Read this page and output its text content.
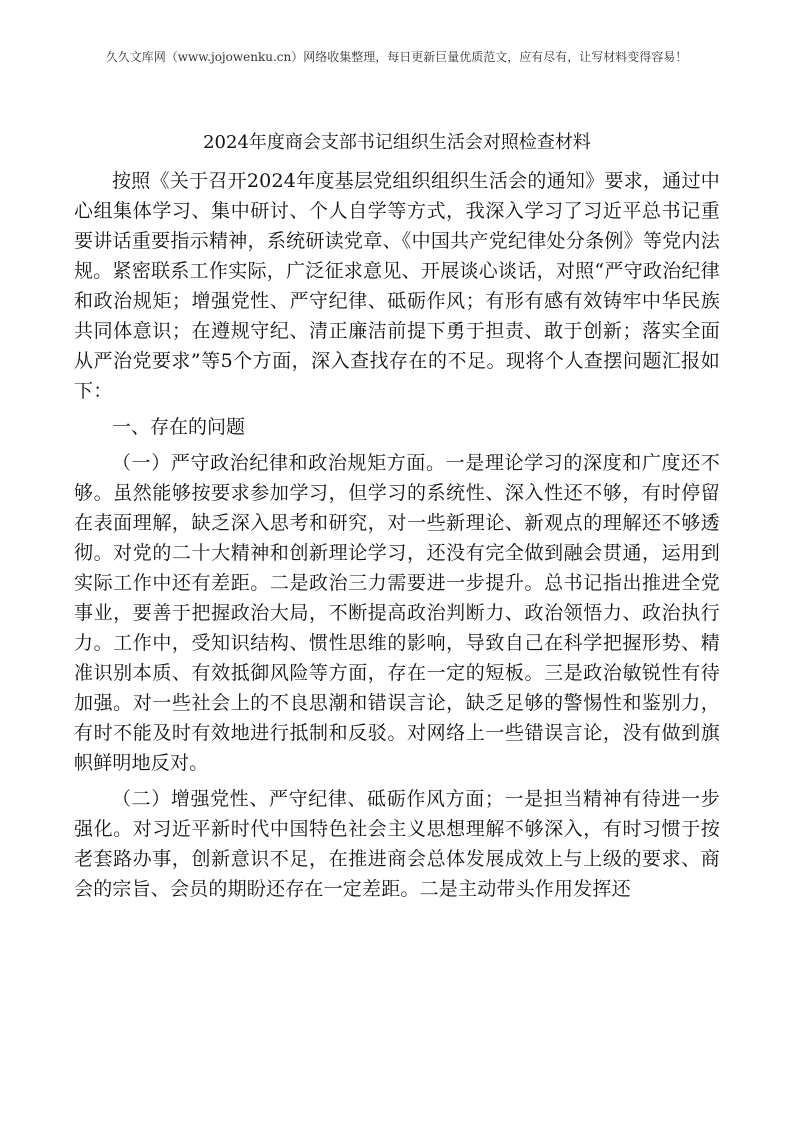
久久文库网（www.jojowenku.cn）网络收集整理，每日更新巨量优质范文，应有尽有，让写材料变得容易！
2024年度商会支部书记组织生活会对照检查材料

按照《关于召开2024年度基层党组织组织生活会的通知》要求，通过中心组集体学习、集中研讨、个人自学等方式，我深入学习了习近平总书记重要讲话重要指示精神，系统研读党章、《中国共产党纪律处分条例》等党内法规。紧密联系工作实际，广泛征求意见、开展谈心谈话，对照“严守政治纪律和政治规矩；增强党性、严守纪律、砥砺作风；有形有感有效铸牢中华民族共同体意识；在遵规守纪、清正廉洁前提下勇于担责、敢于创新；落实全面从严治党要求”等5个方面，深入查找存在的不足。现将个人查摆问题汇报如下：

一、存在的问题

（一）严守政治纪律和政治规矩方面。一是理论学习的深度和广度还不够。虽然能够按要求参加学习，但学习的系统性、深入性还不够，有时停留在表面理解，缺乏深入思考和研究，对一些新理论、新观点的理解还不够透彻。对党的二十大精神和创新理论学习，还没有完全做到融会贯通，运用到实际工作中还有差距。二是政治三力需要进一步提升。总书记指出推进全党事业，要善于把握政治大局，不断提高政治判断力、政治领悟力、政治执行力。工作中，受知识结构、惯性思维的影响，导致自己在科学把握形势、精准识别本质、有效抵御风险等方面，存在一定的短板。三是政治敏锐性有待加强。对一些社会上的不良思潮和错误言论，缺乏足够的警惕性和鉴别力，有时不能及时有效地进行抵制和反驳。对网络上一些错误言论，没有做到旗帜鲜明地反对。

（二）增强党性、严守纪律、砥砺作风方面；一是担当精神有待进一步强化。对习近平新时代中国特色社会主义思想理解不够深入，有时习惯于按老套路办事，创新意识不足，在推进商会总体发展成效上与上级的要求、商会的宗旨、会员的期盼还存在一定差距。二是主动带头作用发挥还
